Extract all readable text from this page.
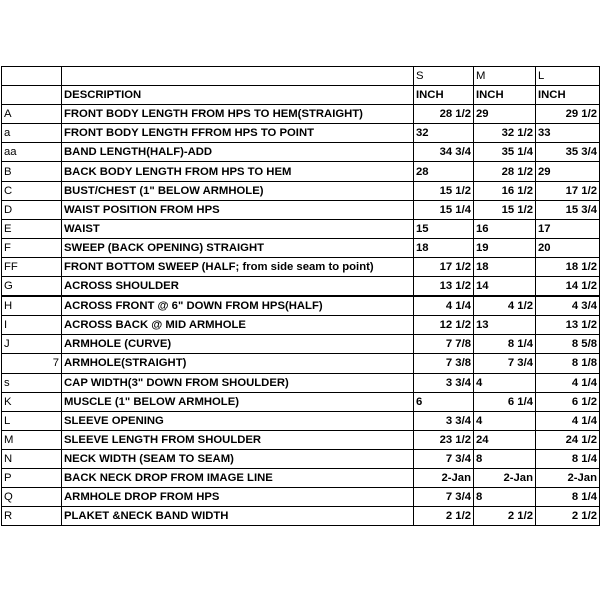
		S	M	L
	DESCRIPTION	INCH	INCH	INCH
A	FRONT BODY LENGTH FROM HPS TO HEM(STRAIGHT)	28 1/2	29	29 1/2
a	FRONT BODY LENGTH FFROM HPS TO POINT	32	32 1/2	33
aa	BAND LENGTH(HALF)-ADD	34 3/4	35 1/4	35 3/4
B	BACK BODY LENGTH FROM HPS TO HEM	28	28 1/2	29
C	BUST/CHEST (1" BELOW ARMHOLE)	15 1/2	16 1/2	17 1/2
D	WAIST POSITION FROM HPS	15 1/4	15 1/2	15 3/4
E	WAIST	15	16	17
F	SWEEP (BACK OPENING) STRAIGHT	18	19	20
FF	FRONT BOTTOM SWEEP (HALF; from side seam to point)	17 1/2	18	18 1/2
G	ACROSS SHOULDER	13 1/2	14	14 1/2
H	ACROSS FRONT @ 6" DOWN FROM HPS(HALF)	4 1/4	4 1/2	4 3/4
I	ACROSS BACK @ MID ARMHOLE	12 1/2	13	13 1/2
J	ARMHOLE (CURVE)	7 7/8	8 1/4	8 5/8
7	ARMHOLE(STRAIGHT)	7 3/8	7 3/4	8 1/8
s	CAP WIDTH(3" DOWN FROM SHOULDER)	3 3/4	4	4 1/4
K	MUSCLE (1" BELOW ARMHOLE)	6	6 1/4	6 1/2
L	SLEEVE OPENING	3 3/4	4	4 1/4
M	SLEEVE LENGTH FROM SHOULDER	23 1/2	24	24 1/2
N	NECK WIDTH (SEAM TO SEAM)	7 3/4	8	8 1/4
P	BACK NECK DROP FROM IMAGE LINE	2-Jan	2-Jan	2-Jan
Q	ARMHOLE DROP FROM HPS	7 3/4	8	8 1/4
R	PLAKET &NECK BAND WIDTH	2 1/2	2 1/2	2 1/2
